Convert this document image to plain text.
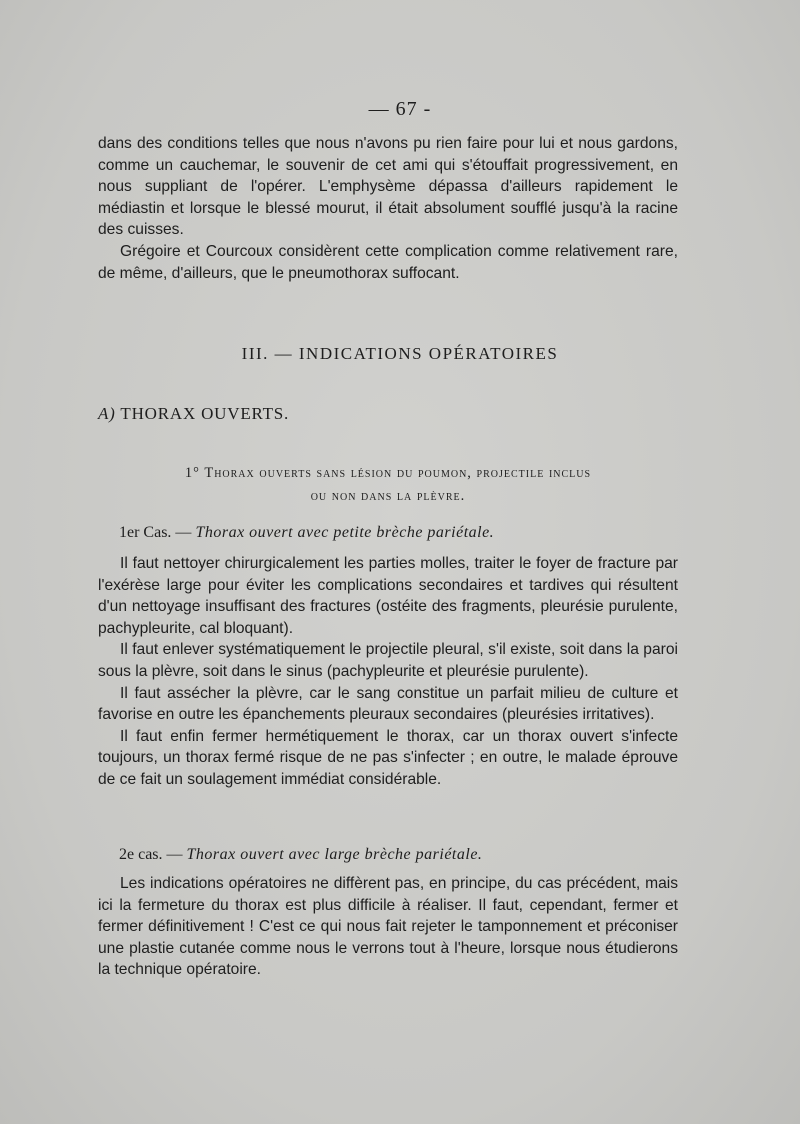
— 67 -

dans des conditions telles que nous n'avons pu rien faire pour lui et nous gardons, comme un cauchemar, le souvenir de cet ami qui s'étouffait progressivement, en nous suppliant de l'opérer. L'emphysème dépassa d'ailleurs rapidement le médiastin et lorsque le blessé mourut, il était absolument soufflé jusqu'à la racine des cuisses.

Grégoire et Courcoux considèrent cette complication comme relativement rare, de même, d'ailleurs, que le pneumothorax suffocant.

III. — INDICATIONS OPÉRATOIRES
A) THORAX OUVERTS.
1° Thorax ouverts sans lésion du poumon, projectile inclus
ou non dans la plèvre.
1er Cas. — Thorax ouvert avec petite brèche pariétale.

Il faut nettoyer chirurgicalement les parties molles, traiter le foyer de fracture par l'exérèse large pour éviter les complications secondaires et tardives qui résultent d'un nettoyage insuffisant des fractures (ostéite des fragments, pleurésie purulente, pachypleurite, cal bloquant).

Il faut enlever systématiquement le projectile pleural, s'il existe, soit dans la paroi sous la plèvre, soit dans le sinus (pachypleurite et pleurésie purulente).

Il faut assécher la plèvre, car le sang constitue un parfait milieu de culture et favorise en outre les épanchements pleuraux secondaires (pleurésies irritatives).

Il faut enfin fermer hermétiquement le thorax, car un thorax ouvert s'infecte toujours, un thorax fermé risque de ne pas s'infecter ; en outre, le malade éprouve de ce fait un soulagement immédiat considérable.

2e cas. — Thorax ouvert avec large brèche pariétale.

Les indications opératoires ne diffèrent pas, en principe, du cas précédent, mais ici la fermeture du thorax est plus difficile à réaliser. Il faut, cependant, fermer et fermer définitivement ! C'est ce qui nous fait rejeter le tamponnement et préconiser une plastie cutanée comme nous le verrons tout à l'heure, lorsque nous étudierons la technique opératoire.
